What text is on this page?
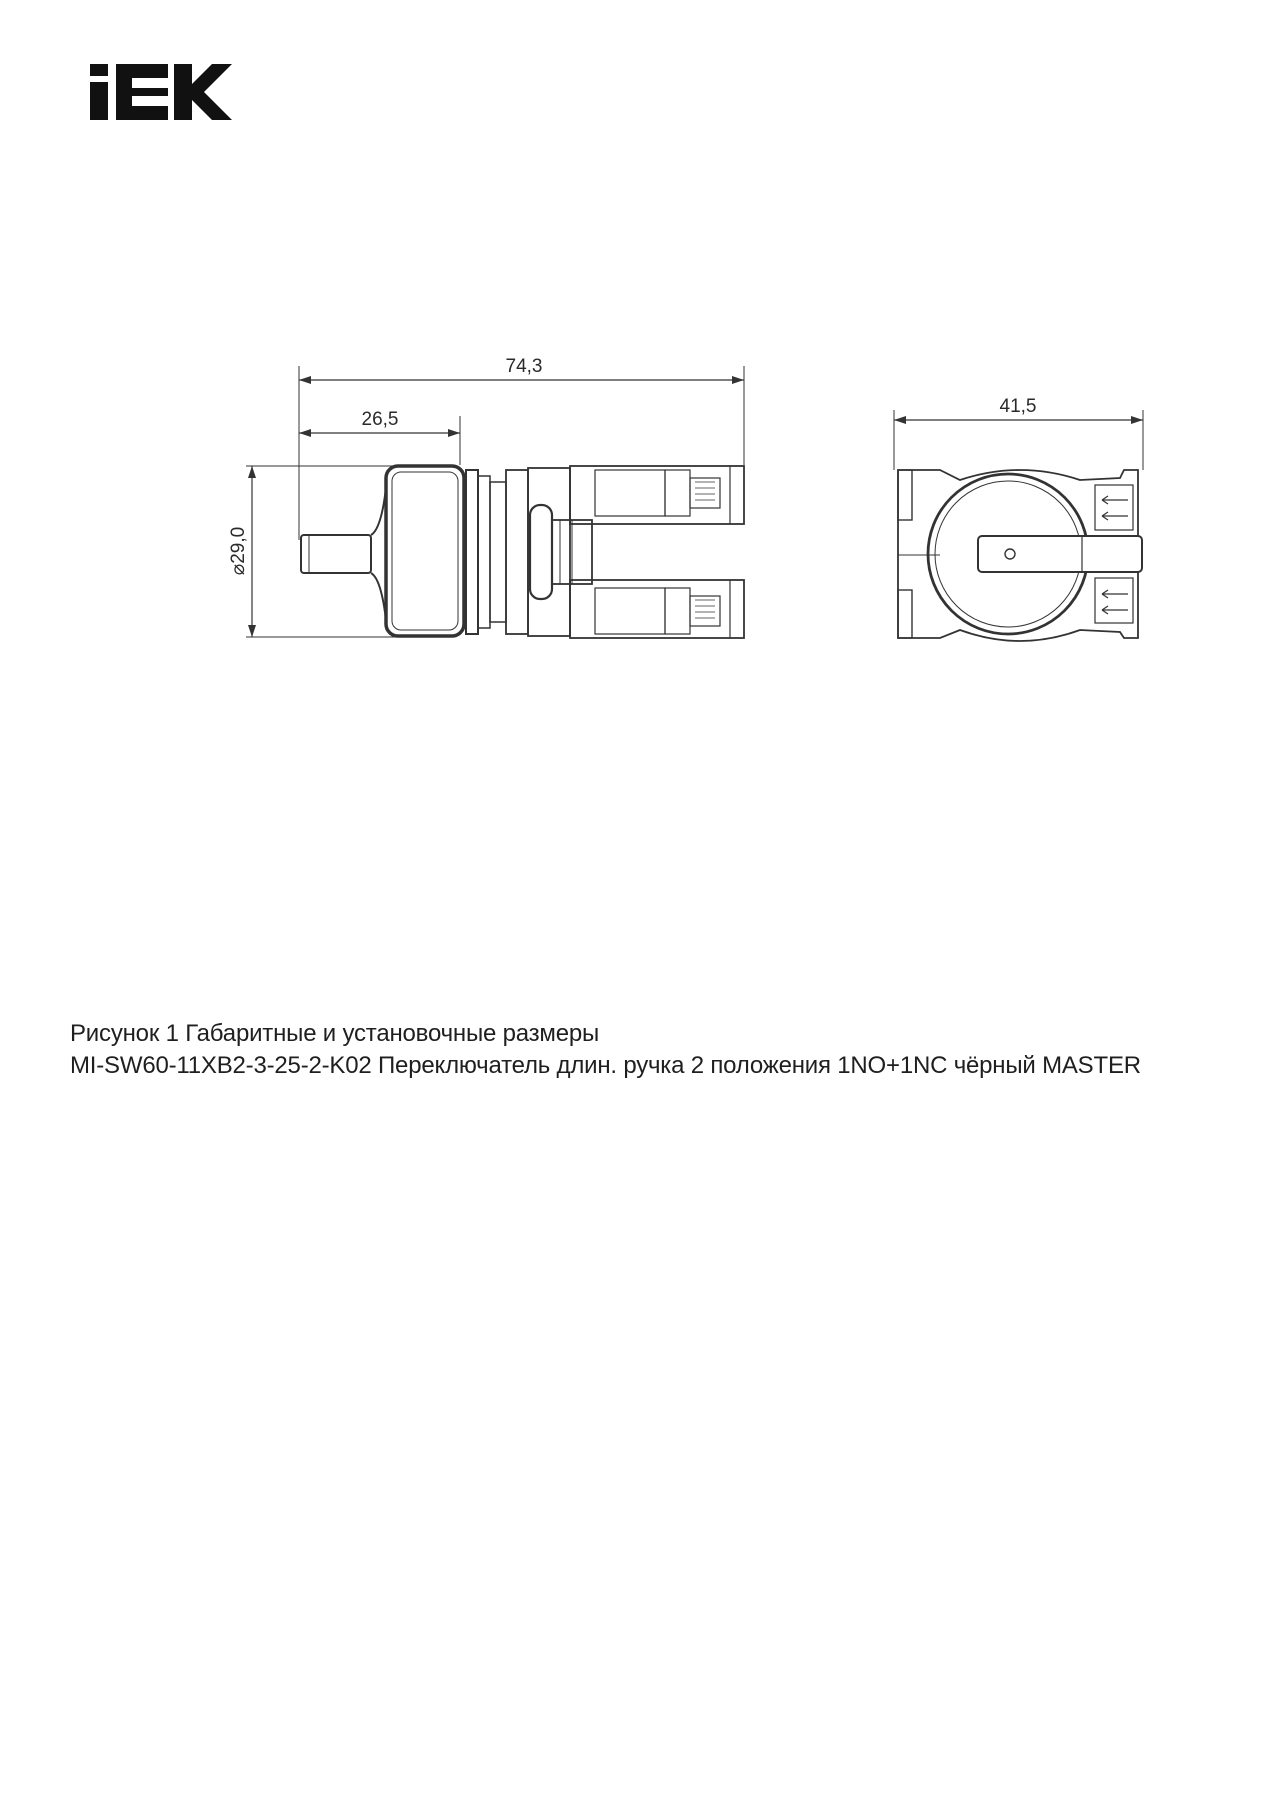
74,3
26,5
⌀29,0
41,5
Рисунок 1 Габаритные и установочные размеры
MI-SW60-11XB2-3-25-2-K02 Переключатель длин. ручка 2 положения 1NO+1NC чёрный MASTER
